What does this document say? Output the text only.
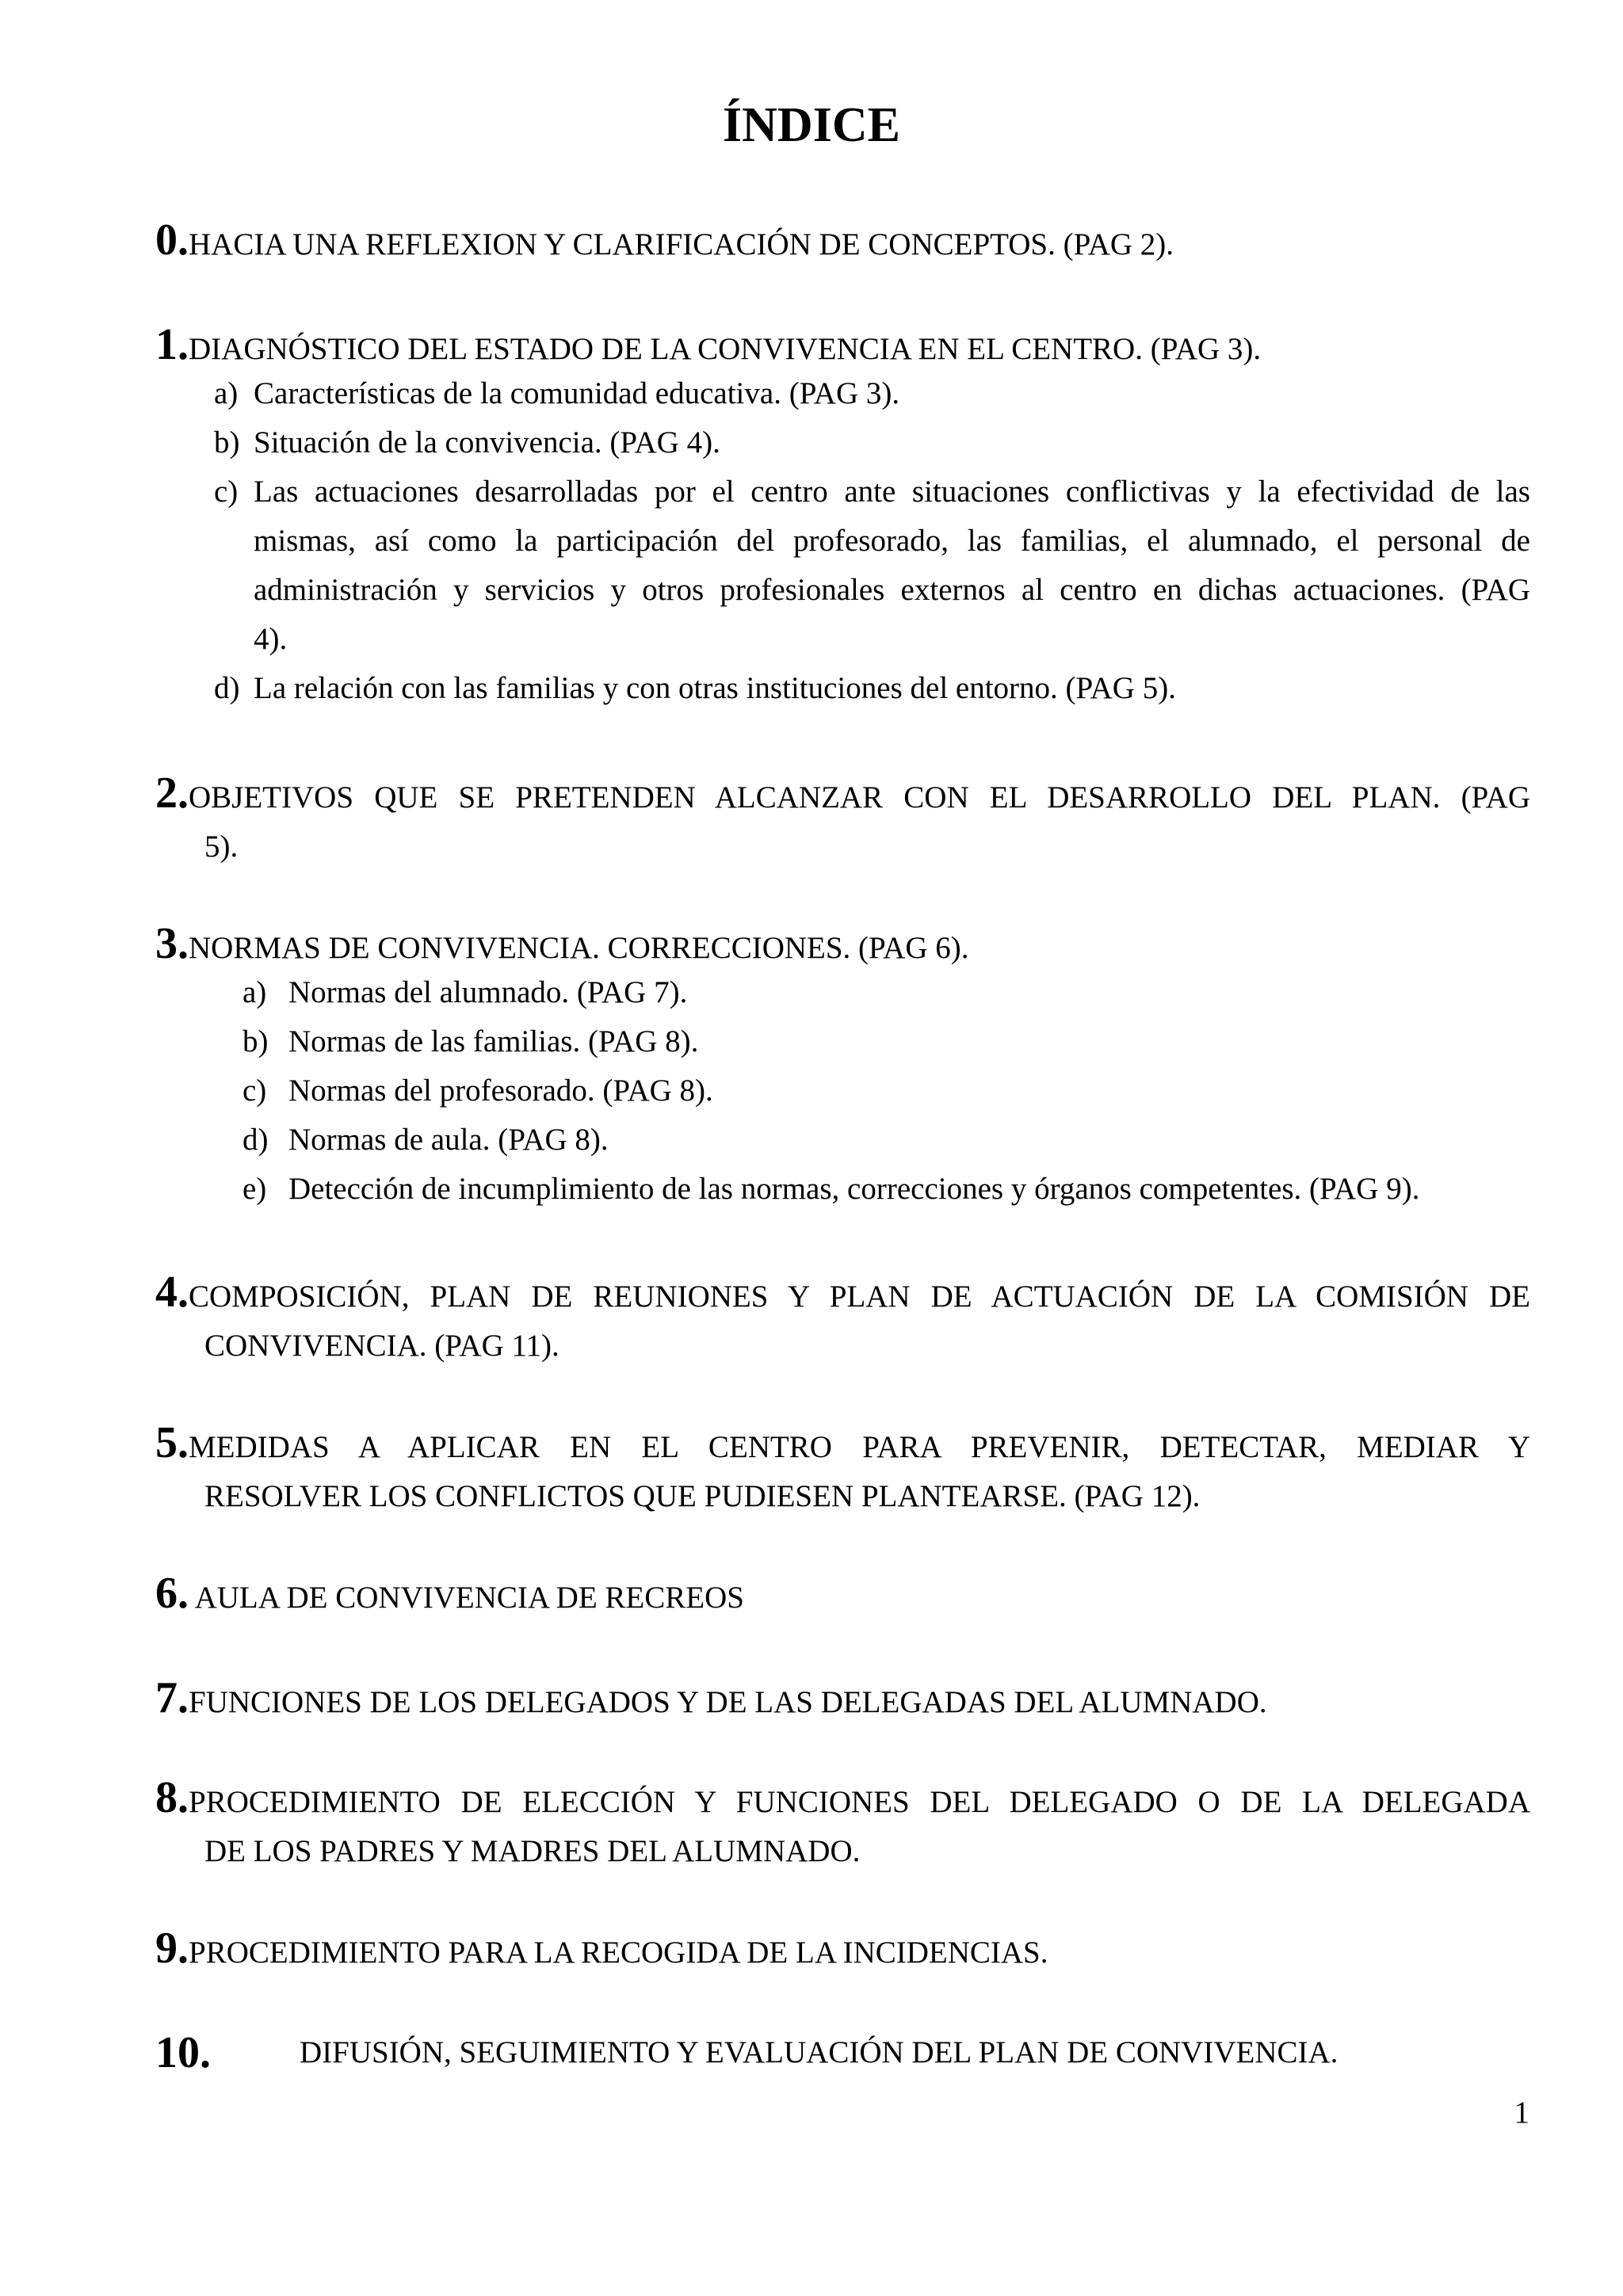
ÍNDICE
0.HACIA UNA REFLEXION Y CLARIFICACIÓN DE CONCEPTOS. (PAG 2).
1.DIAGNÓSTICO DEL ESTADO DE LA CONVIVENCIA EN EL CENTRO. (PAG 3).
a) Características de la comunidad educativa. (PAG 3).
b) Situación de la convivencia. (PAG 4).
c) Las actuaciones desarrolladas por el centro ante situaciones conflictivas y la efectividad de las
mismas, así como la participación del profesorado, las familias, el alumnado, el personal de
administración y servicios y otros profesionales externos al centro en dichas actuaciones. (PAG
4).
d) La relación con las familias y con otras instituciones del entorno. (PAG 5).
2.OBJETIVOS QUE SE PRETENDEN ALCANZAR CON EL DESARROLLO DEL PLAN. (PAG
5).
3.NORMAS DE CONVIVENCIA. CORRECCIONES. (PAG 6).
a) Normas del alumnado. (PAG 7).
b) Normas de las familias. (PAG 8).
c) Normas del profesorado. (PAG 8).
d) Normas de aula. (PAG 8).
e) Detección de incumplimiento de las normas, correcciones y órganos competentes. (PAG 9).
4.COMPOSICIÓN, PLAN DE REUNIONES Y PLAN DE ACTUACIÓN DE LA COMISIÓN DE
CONVIVENCIA. (PAG 11).
5.MEDIDAS A APLICAR EN EL CENTRO PARA PREVENIR, DETECTAR, MEDIAR Y
RESOLVER LOS CONFLICTOS QUE PUDIESEN PLANTEARSE. (PAG 12).
6. AULA DE CONVIVENCIA DE RECREOS
7.FUNCIONES DE LOS DELEGADOS Y DE LAS DELEGADAS DEL ALUMNADO.
8.PROCEDIMIENTO DE ELECCIÓN Y FUNCIONES DEL DELEGADO O DE LA DELEGADA
DE LOS PADRES Y MADRES DEL ALUMNADO.
9.PROCEDIMIENTO PARA LA RECOGIDA DE LA INCIDENCIAS.
10.	DIFUSIÓN, SEGUIMIENTO Y EVALUACIÓN DEL PLAN DE CONVIVENCIA.
1
